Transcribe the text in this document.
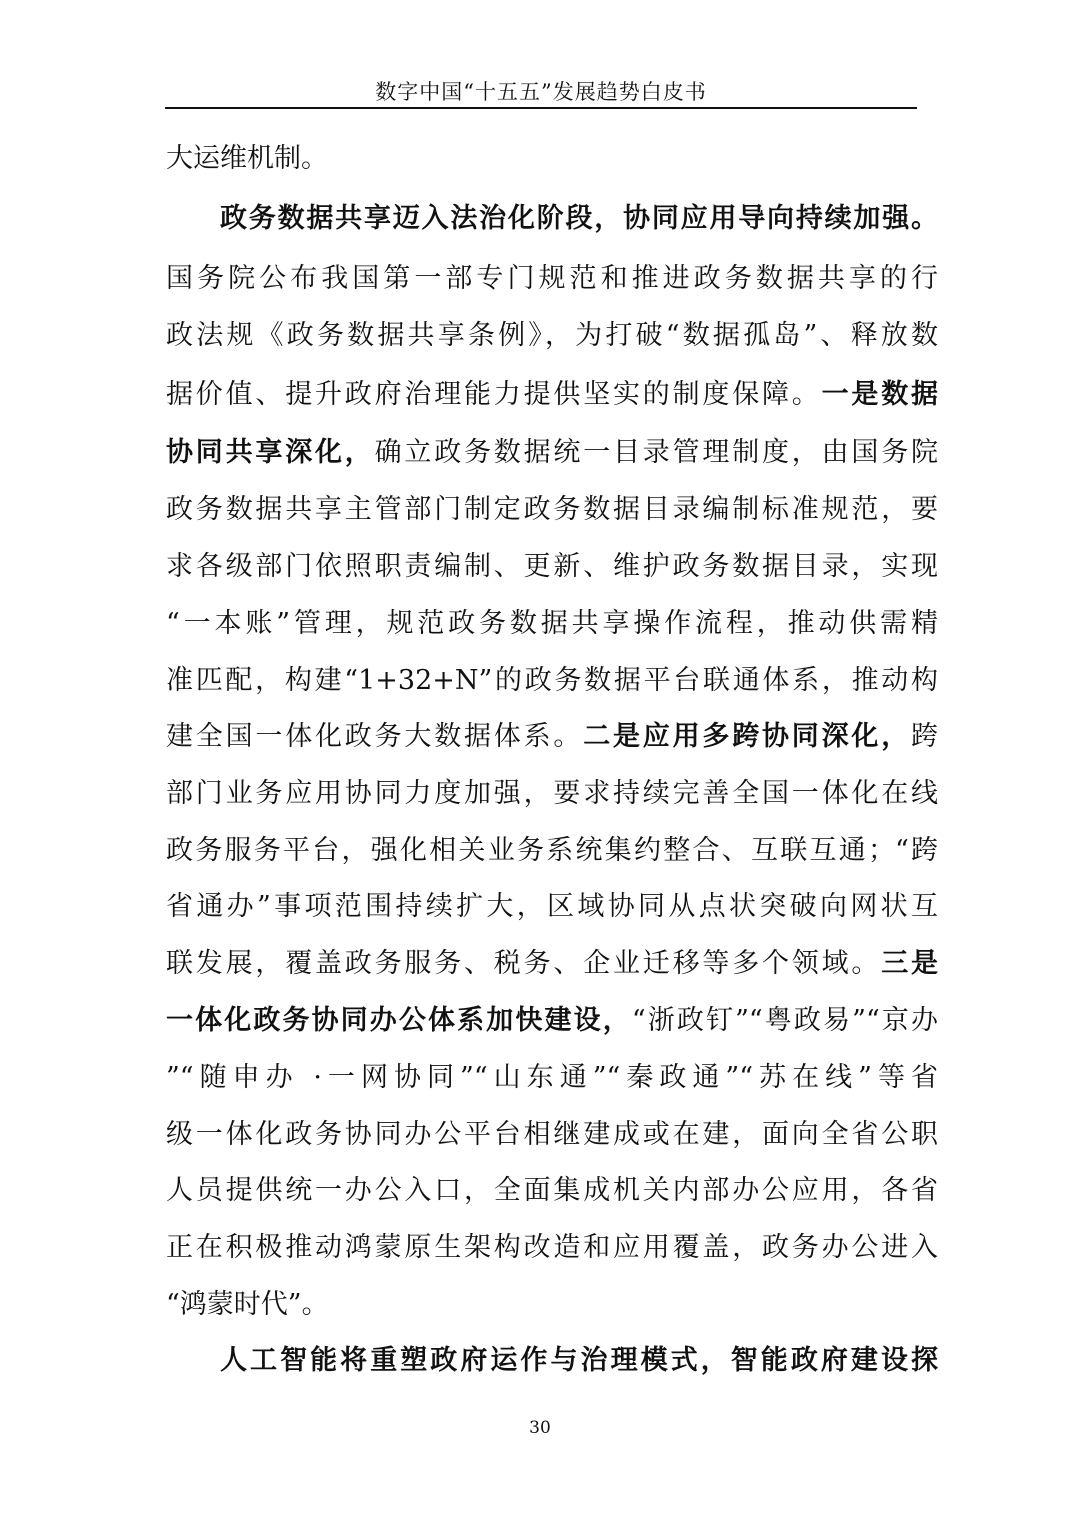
数字中国“十五五”发展趋势白皮书
大运维机制。
政务数据共享迈入法治化阶段，协同应用导向持续加强。
国务院公布我国第一部专门规范和推进政务数据共享的行
政法规《政务数据共享条例》，为打破“数据孤岛”、释放数
据价值、提升政府治理能力提供坚实的制度保障。一是数据
协同共享深化，确立政务数据统一目录管理制度，由国务院
政务数据共享主管部门制定政务数据目录编制标准规范，要
求各级部门依照职责编制、更新、维护政务数据目录，实现
“一本账”管理，规范政务数据共享操作流程，推动供需精
准匹配，构建“1+32+N”的政务数据平台联通体系，推动构
建全国一体化政务大数据体系。二是应用多跨协同深化，跨
部门业务应用协同力度加强，要求持续完善全国一体化在线
政务服务平台，强化相关业务系统集约整合、互联互通；“跨
省通办”事项范围持续扩大，区域协同从点状突破向网状互
联发展，覆盖政务服务、税务、企业迁移等多个领域。三是
一体化政务协同办公体系加快建设，“浙政钉”“粤政易”“京办
”“随申办 ·一网协同”“山东通”“秦政通”“苏在线”等省
级一体化政务协同办公平台相继建成或在建，面向全省公职
人员提供统一办公入口，全面集成机关内部办公应用，各省
正在积极推动鸿蒙原生架构改造和应用覆盖，政务办公进入
“鸿蒙时代”。
人工智能将重塑政府运作与治理模式，智能政府建设探
30
